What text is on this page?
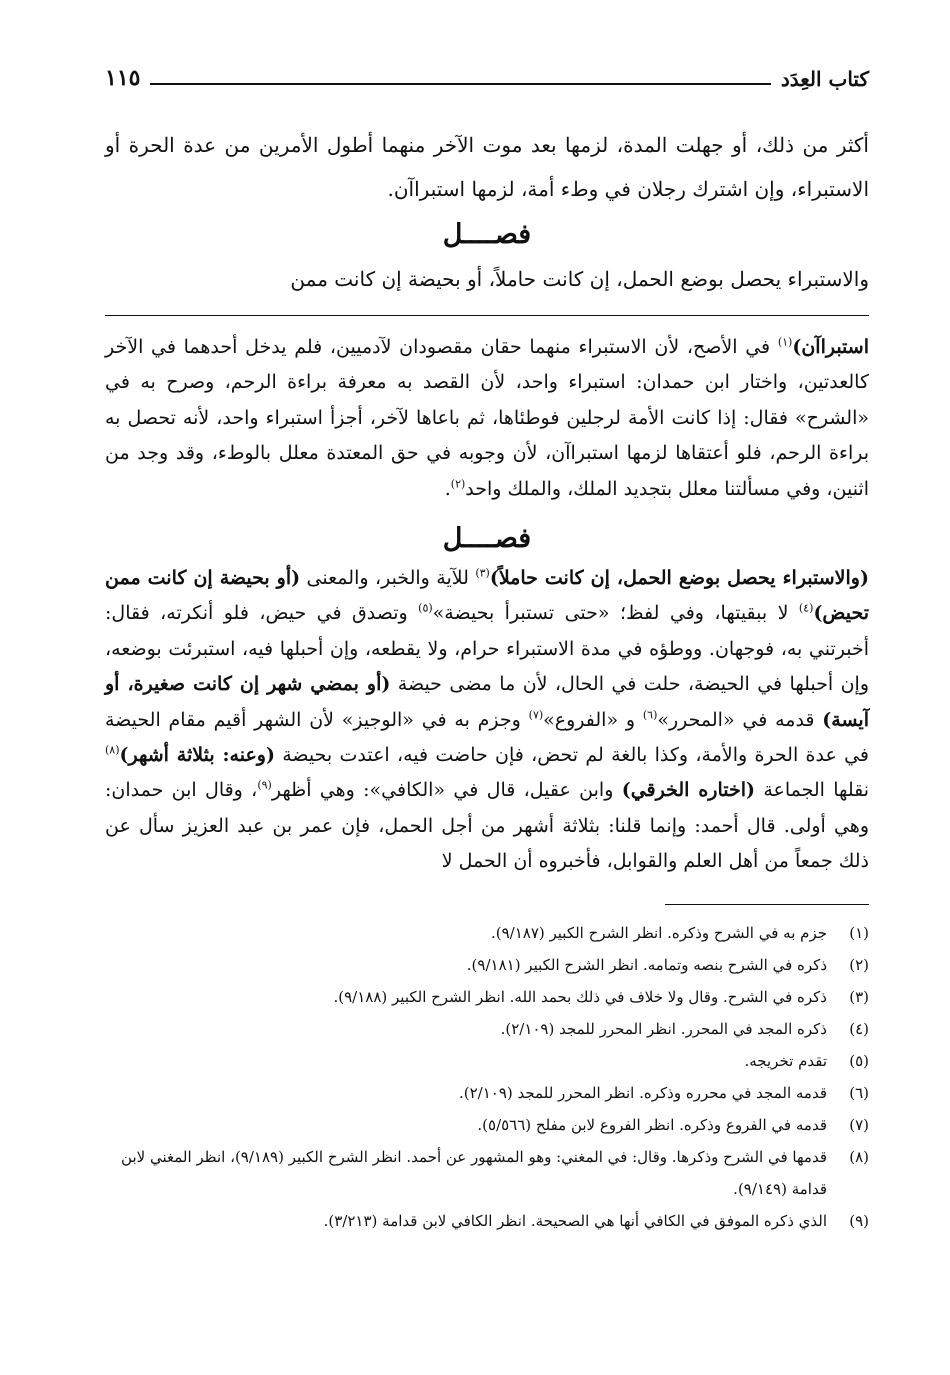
كتاب العِدَد
١١٥
أكثر من ذلك، أو جهلت المدة، لزمها بعد موت الآخر منهما أطول الأمرين من عدة الحرة أو الاستبراء، وإن اشترك رجلان في وطء أمة، لزمها استبراآن.
فصــــل
والاستبراء يحصل بوضع الحمل، إن كانت حاملاً، أو بحيضة إن كانت ممن
استبراآن)$^{(١)}$ في الأصح، لأن الاستبراء منهما حقان مقصودان لآدميين، فلم يدخل أحدهما في الآخر كالعدتين، واختار ابن حمدان: استبراء واحد، لأن القصد به معرفة براءة الرحم، وصرح به في «الشرح» فقال: إذا كانت الأمة لرجلين فوطئاها، ثم باعاها لآخر، أجزأ استبراء واحد، لأنه تحصل به براءة الرحم، فلو أعتقاها لزمها استبراآن، لأن وجوبه في حق المعتدة معلل بالوطء، وقد وجد من اثنين، وفي مسألتنا معلل بتجديد الملك، والملك واحد$^{(٢)}$.
فصــــل
(والاستبراء يحصل بوضع الحمل، إن كانت حاملاً)$^{(٣)}$ للآية والخبر، والمعنى (أو بحيضة إن كانت ممن تحيض)$^{(٤)}$ لا ببقيتها، وفي لفظ؛ «حتى تستبرأ بحيضة»$^{(٥)}$ وتصدق في حيض، فلو أنكرته، فقال: أخبرتني به، فوجهان. ووطؤه في مدة الاستبراء حرام، ولا يقطعه، وإن أحبلها فيه، استبرئت بوضعه، وإن أحبلها في الحيضة، حلت في الحال، لأن ما مضى حيضة (أو بمضي شهر إن كانت صغيرة، أو آيسة) قدمه في «المحرر»$^{(٦)}$ و «الفروع»$^{(٧)}$ وجزم به في «الوجيز» لأن الشهر أقيم مقام الحيضة في عدة الحرة والأمة، وكذا بالغة لم تحض، فإن حاضت فيه، اعتدت بحيضة (وعنه: بثلاثة أشهر)$^{(٨)}$ نقلها الجماعة (اختاره الخرقي) وابن عقيل، قال في «الكافي»: وهي أظهر$^{(٩)}$، وقال ابن حمدان: وهي أولى. قال أحمد: وإنما قلنا: بثلاثة أشهر من أجل الحمل، فإن عمر بن عبد العزيز سأل عن ذلك جمعاً من أهل العلم والقوابل، فأخبروه أن الحمل لا
(١)
جزم به في الشرح وذكره. انظر الشرح الكبير (٩/١٨٧).
(٢)
ذكره في الشرح بنصه وتمامه. انظر الشرح الكبير (٩/١٨١).
(٣)
ذكره في الشرح. وقال ولا خلاف في ذلك بحمد الله. انظر الشرح الكبير (٩/١٨٨).
(٤)
ذكره المجد في المحرر. انظر المحرر للمجد (٢/١٠٩).
(٥)
تقدم تخريجه.
(٦)
قدمه المجد في محرره وذكره. انظر المحرر للمجد (٢/١٠٩).
(٧)
قدمه في الفروع وذكره. انظر الفروع لابن مفلح (٥/٥٦٦).
(٨)
قدمها في الشرح وذكرها. وقال: في المغني: وهو المشهور عن أحمد. انظر الشرح الكبير (٩/١٨٩)، انظر المغني لابن قدامة (٩/١٤٩).
(٩)
الذي ذكره الموفق في الكافي أنها هي الصحيحة. انظر الكافي لابن قدامة (٣/٢١٣).
